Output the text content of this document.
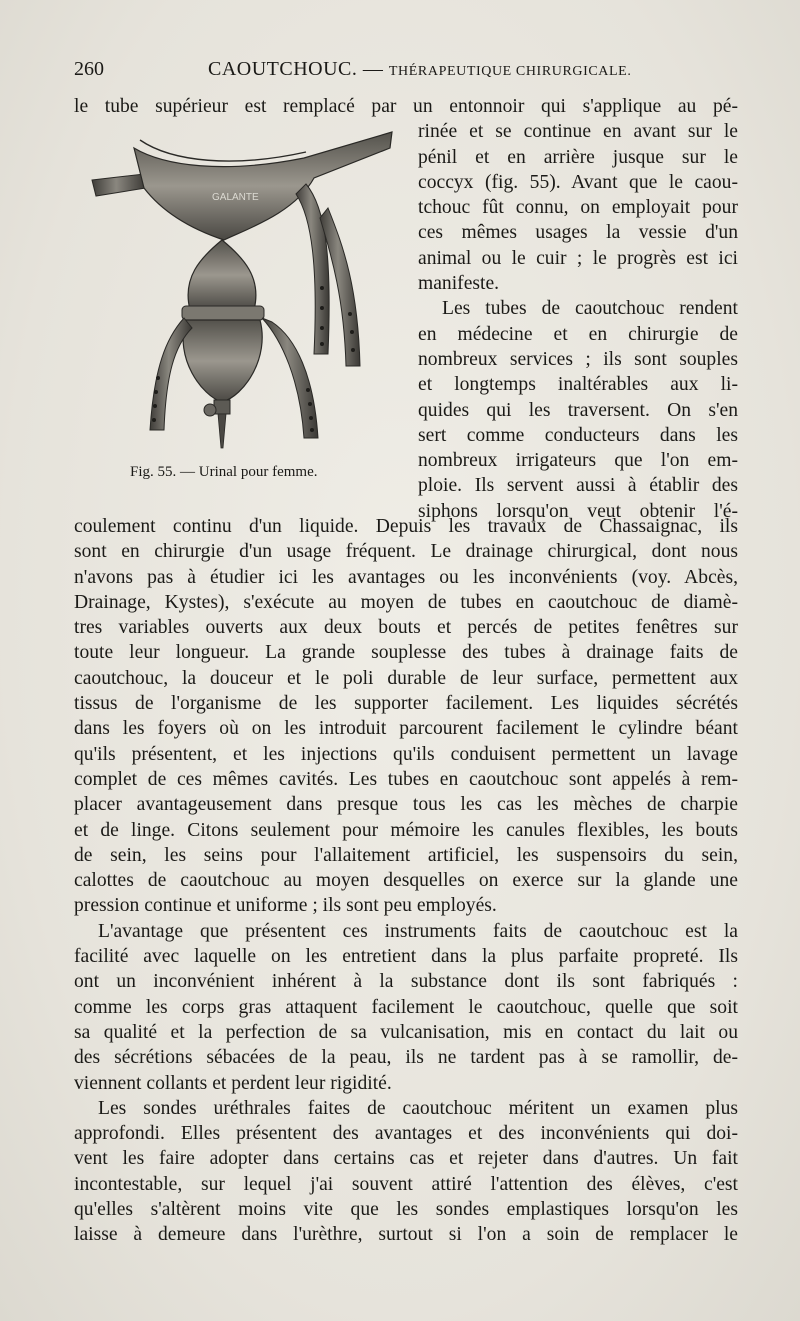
260	CAOUTCHOUC. — THÉRAPEUTIQUE CHIRURGICALE.
le tube supérieur est remplacé par un entonnoir qui s'applique au pé-
GALANTE
Fig. 55. — Urinal pour femme.
rinée et se continue en avant sur le
pénil et en arrière jusque sur le
coccyx (fig. 55). Avant que le caou-
tchouc fût connu, on employait pour
ces mêmes usages la vessie d'un
animal ou le cuir ; le progrès est ici
manifeste.
Les tubes de caoutchouc rendent
en médecine et en chirurgie de
nombreux services ; ils sont souples
et longtemps inaltérables aux li-
quides qui les traversent. On s'en
sert comme conducteurs dans les
nombreux irrigateurs que l'on em-
ploie. Ils servent aussi à établir des
siphons lorsqu'on veut obtenir l'é-
coulement continu d'un liquide. Depuis les travaux de Chassaignac, ils
sont en chirurgie d'un usage fréquent. Le drainage chirurgical, dont nous
n'avons pas à étudier ici les avantages ou les inconvénients (voy. Abcès,
Drainage, Kystes), s'exécute au moyen de tubes en caoutchouc de diamè-
tres variables ouverts aux deux bouts et percés de petites fenêtres sur
toute leur longueur. La grande souplesse des tubes à drainage faits de
caoutchouc, la douceur et le poli durable de leur surface, permettent aux
tissus de l'organisme de les supporter facilement. Les liquides sécrétés
dans les foyers où on les introduit parcourent facilement le cylindre béant
qu'ils présentent, et les injections qu'ils conduisent permettent un lavage
complet de ces mêmes cavités. Les tubes en caoutchouc sont appelés à rem-
placer avantageusement dans presque tous les cas les mèches de charpie
et de linge. Citons seulement pour mémoire les canules flexibles, les bouts
de sein, les seins pour l'allaitement artificiel, les suspensoirs du sein,
calottes de caoutchouc au moyen desquelles on exerce sur la glande une
pression continue et uniforme ; ils sont peu employés.
L'avantage que présentent ces instruments faits de caoutchouc est la
facilité avec laquelle on les entretient dans la plus parfaite propreté. Ils
ont un inconvénient inhérent à la substance dont ils sont fabriqués :
comme les corps gras attaquent facilement le caoutchouc, quelle que soit
sa qualité et la perfection de sa vulcanisation, mis en contact du lait ou
des sécrétions sébacées de la peau, ils ne tardent pas à se ramollir, de-
viennent collants et perdent leur rigidité.
Les sondes uréthrales faites de caoutchouc méritent un examen plus
approfondi. Elles présentent des avantages et des inconvénients qui doi-
vent les faire adopter dans certains cas et rejeter dans d'autres. Un fait
incontestable, sur lequel j'ai souvent attiré l'attention des élèves, c'est
qu'elles s'altèrent moins vite que les sondes emplastiques lorsqu'on les
laisse à demeure dans l'urèthre, surtout si l'on a soin de remplacer le
